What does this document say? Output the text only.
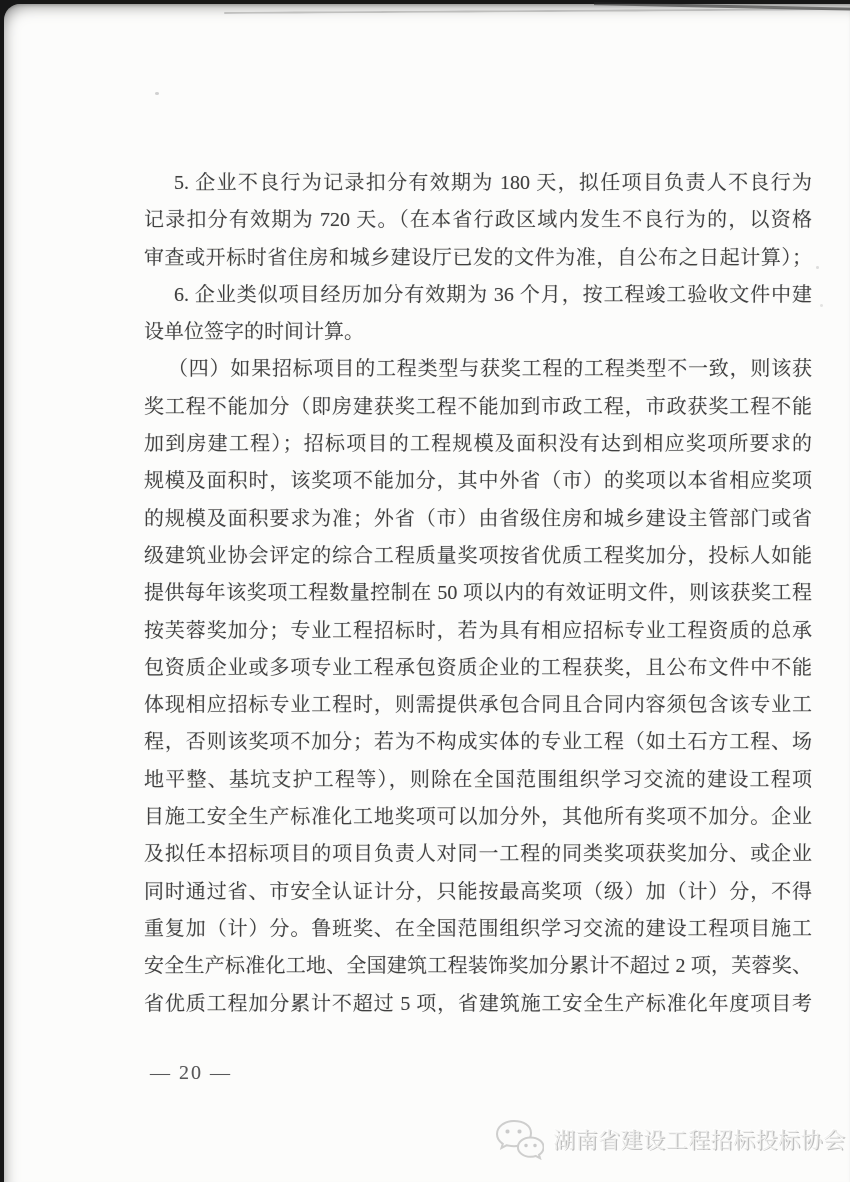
5. 企业不良行为记录扣分有效期为 180 天，拟任项目负责人不良行为
记录扣分有效期为 720 天。（在本省行政区域内发生不良行为的，以资格
审查或开标时省住房和城乡建设厅已发的文件为准，自公布之日起计算）；
6. 企业类似项目经历加分有效期为 36 个月，按工程竣工验收文件中建
设单位签字的时间计算。
（四）如果招标项目的工程类型与获奖工程的工程类型不一致，则该获
奖工程不能加分（即房建获奖工程不能加到市政工程，市政获奖工程不能
加到房建工程）；招标项目的工程规模及面积没有达到相应奖项所要求的
规模及面积时，该奖项不能加分，其中外省（市）的奖项以本省相应奖项
的规模及面积要求为准；外省（市）由省级住房和城乡建设主管部门或省
级建筑业协会评定的综合工程质量奖项按省优质工程奖加分，投标人如能
提供每年该奖项工程数量控制在 50 项以内的有效证明文件，则该获奖工程
按芙蓉奖加分；专业工程招标时，若为具有相应招标专业工程资质的总承
包资质企业或多项专业工程承包资质企业的工程获奖，且公布文件中不能
体现相应招标专业工程时，则需提供承包合同且合同内容须包含该专业工
程，否则该奖项不加分；若为不构成实体的专业工程（如土石方工程、场
地平整、基坑支护工程等），则除在全国范围组织学习交流的建设工程项
目施工安全生产标准化工地奖项可以加分外，其他所有奖项不加分。企业
及拟任本招标项目的项目负责人对同一工程的同类奖项获奖加分、或企业
同时通过省、市安全认证计分，只能按最高奖项（级）加（计）分，不得
重复加（计）分。鲁班奖、在全国范围组织学习交流的建设工程项目施工
安全生产标准化工地、全国建筑工程装饰奖加分累计不超过 2 项，芙蓉奖、
省优质工程加分累计不超过 5 项，省建筑施工安全生产标准化年度项目考
— 20 —
湖南省建设工程招标投标协会
